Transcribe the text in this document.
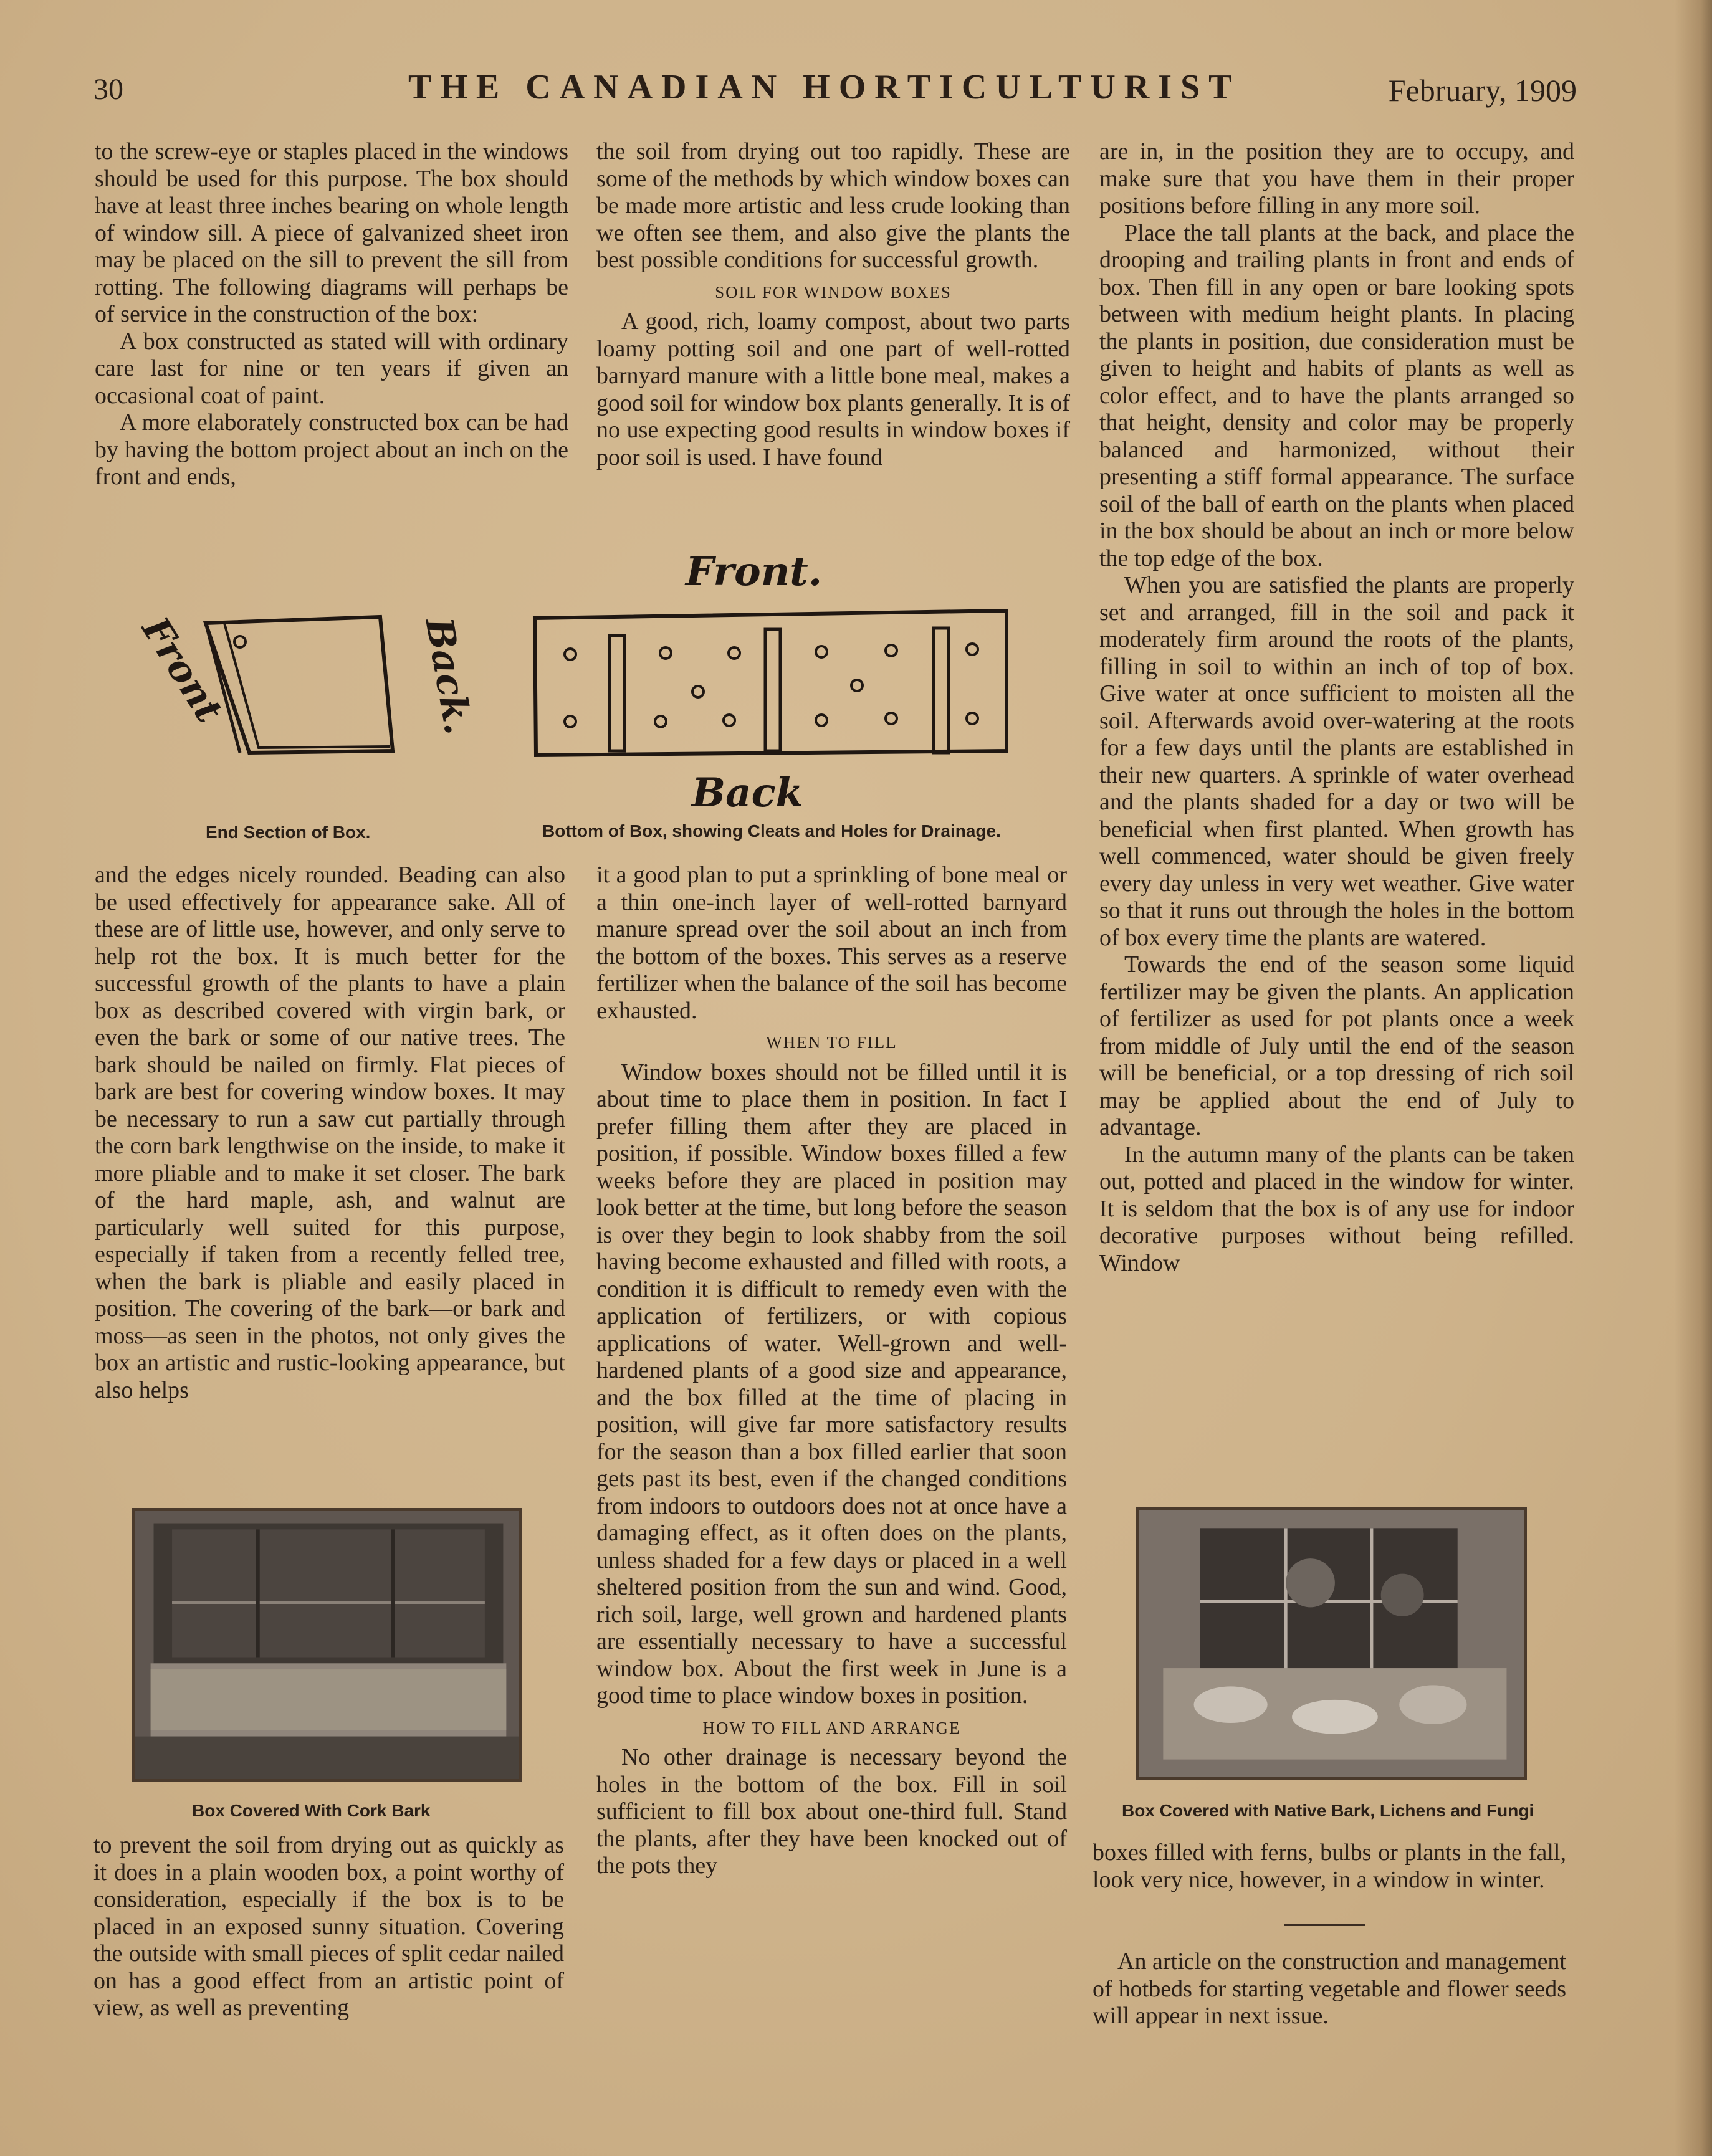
30	THE CANADIAN HORTICULTURIST	February, 1909

to the screw-eye or staples placed in the windows should be used for this purpose. The box should have at least three inches bearing on whole length of window sill. A piece of galvanized sheet iron may be placed on the sill to prevent the sill from rotting. The following diagrams will perhaps be of service in the construction of the box:

A box constructed as stated will with ordinary care last for nine or ten years if given an occasional coat of paint.

A more elaborately constructed box can be had by having the bottom project about an inch on the front and ends,

the soil from drying out too rapidly. These are some of the methods by which window boxes can be made more artistic and less crude looking than we often see them, and also give the plants the best possible conditions for successful growth.

SOIL FOR WINDOW BOXES

A good, rich, loamy compost, about two parts loamy potting soil and one part of well-rotted barnyard manure with a little bone meal, makes a good soil for window box plants generally. It is of no use expecting good results in window boxes if poor soil is used. I have found

are in, in the position they are to occupy, and make sure that you have them in their proper positions before filling in any more soil.

Place the tall plants at the back, and place the drooping and trailing plants in front and ends of box. Then fill in any open or bare looking spots between with medium height plants. In placing the plants in position, due consideration must be given to height and habits of plants as well as color effect, and to have the plants arranged so that height, density and color may be properly balanced and harmonized, without their presenting a stiff formal appearance. The surface soil of the ball of earth on the plants when placed in the box should be about an inch or more below the top edge of the box.

When you are satisfied the plants are properly set and arranged, fill in the soil and pack it moderately firm around the roots of the plants, filling in soil to within an inch of top of box. Give water at once sufficient to moisten all the soil. Afterwards avoid over-watering at the roots for a few days until the plants are established in their new quarters. A sprinkle of water overhead and the plants shaded for a day or two will be beneficial when first planted. When growth has well commenced, water should be given freely every day unless in very wet weather. Give water so that it runs out through the holes in the bottom of box every time the plants are watered.

Towards the end of the season some liquid fertilizer may be given the plants. An application of fertilizer as used for pot plants once a week from middle of July until the end of the season will be beneficial, or a top dressing of rich soil may be applied about the end of July to advantage.

In the autumn many of the plants can be taken out, potted and placed in the window for winter. It is seldom that the box is of any use for indoor decorative purposes without being refilled. Window

Front	Back.
End Section of Box.
Front.
Back
Bottom of Box, showing Cleats and Holes for Drainage.

and the edges nicely rounded. Beading can also be used effectively for appearance sake. All of these are of little use, however, and only serve to help rot the box. It is much better for the successful growth of the plants to have a plain box as described covered with virgin bark, or even the bark or some of our native trees. The bark should be nailed on firmly. Flat pieces of bark are best for covering window boxes. It may be necessary to run a saw cut partially through the corn bark lengthwise on the inside, to make it more pliable and to make it set closer. The bark of the hard maple, ash, and walnut are particularly well suited for this purpose, especially if taken from a recently felled tree, when the bark is pliable and easily placed in position. The covering of the bark—or bark and moss—as seen in the photos, not only gives the box an artistic and rustic-looking appearance, but also helps

Box Covered With Cork Bark

to prevent the soil from drying out as quickly as it does in a plain wooden box, a point worthy of consideration, especially if the box is to be placed in an exposed sunny situation. Covering the outside with small pieces of split cedar nailed on has a good effect from an artistic point of view, as well as preventing

it a good plan to put a sprinkling of bone meal or a thin one-inch layer of well-rotted barnyard manure spread over the soil about an inch from the bottom of the boxes. This serves as a reserve fertilizer when the balance of the soil has become exhausted.

WHEN TO FILL

Window boxes should not be filled until it is about time to place them in position. In fact I prefer filling them after they are placed in position, if possible. Window boxes filled a few weeks before they are placed in position may look better at the time, but long before the season is over they begin to look shabby from the soil having become exhausted and filled with roots, a condition it is difficult to remedy even with the application of fertilizers, or with copious applications of water. Well-grown and well-hardened plants of a good size and appearance, and the box filled at the time of placing in position, will give far more satisfactory results for the season than a box filled earlier that soon gets past its best, even if the changed conditions from indoors to outdoors does not at once have a damaging effect, as it often does on the plants, unless shaded for a few days or placed in a well sheltered position from the sun and wind. Good, rich soil, large, well grown and hardened plants are essentially necessary to have a successful window box. About the first week in June is a good time to place window boxes in position.

HOW TO FILL AND ARRANGE

No other drainage is necessary beyond the holes in the bottom of the box. Fill in soil sufficient to fill box about one-third full. Stand the plants, after they have been knocked out of the pots they

Box Covered with Native Bark, Lichens and Fungi

boxes filled with ferns, bulbs or plants in the fall, look very nice, however, in a window in winter.

An article on the construction and management of hotbeds for starting vegetable and flower seeds will appear in next issue.
